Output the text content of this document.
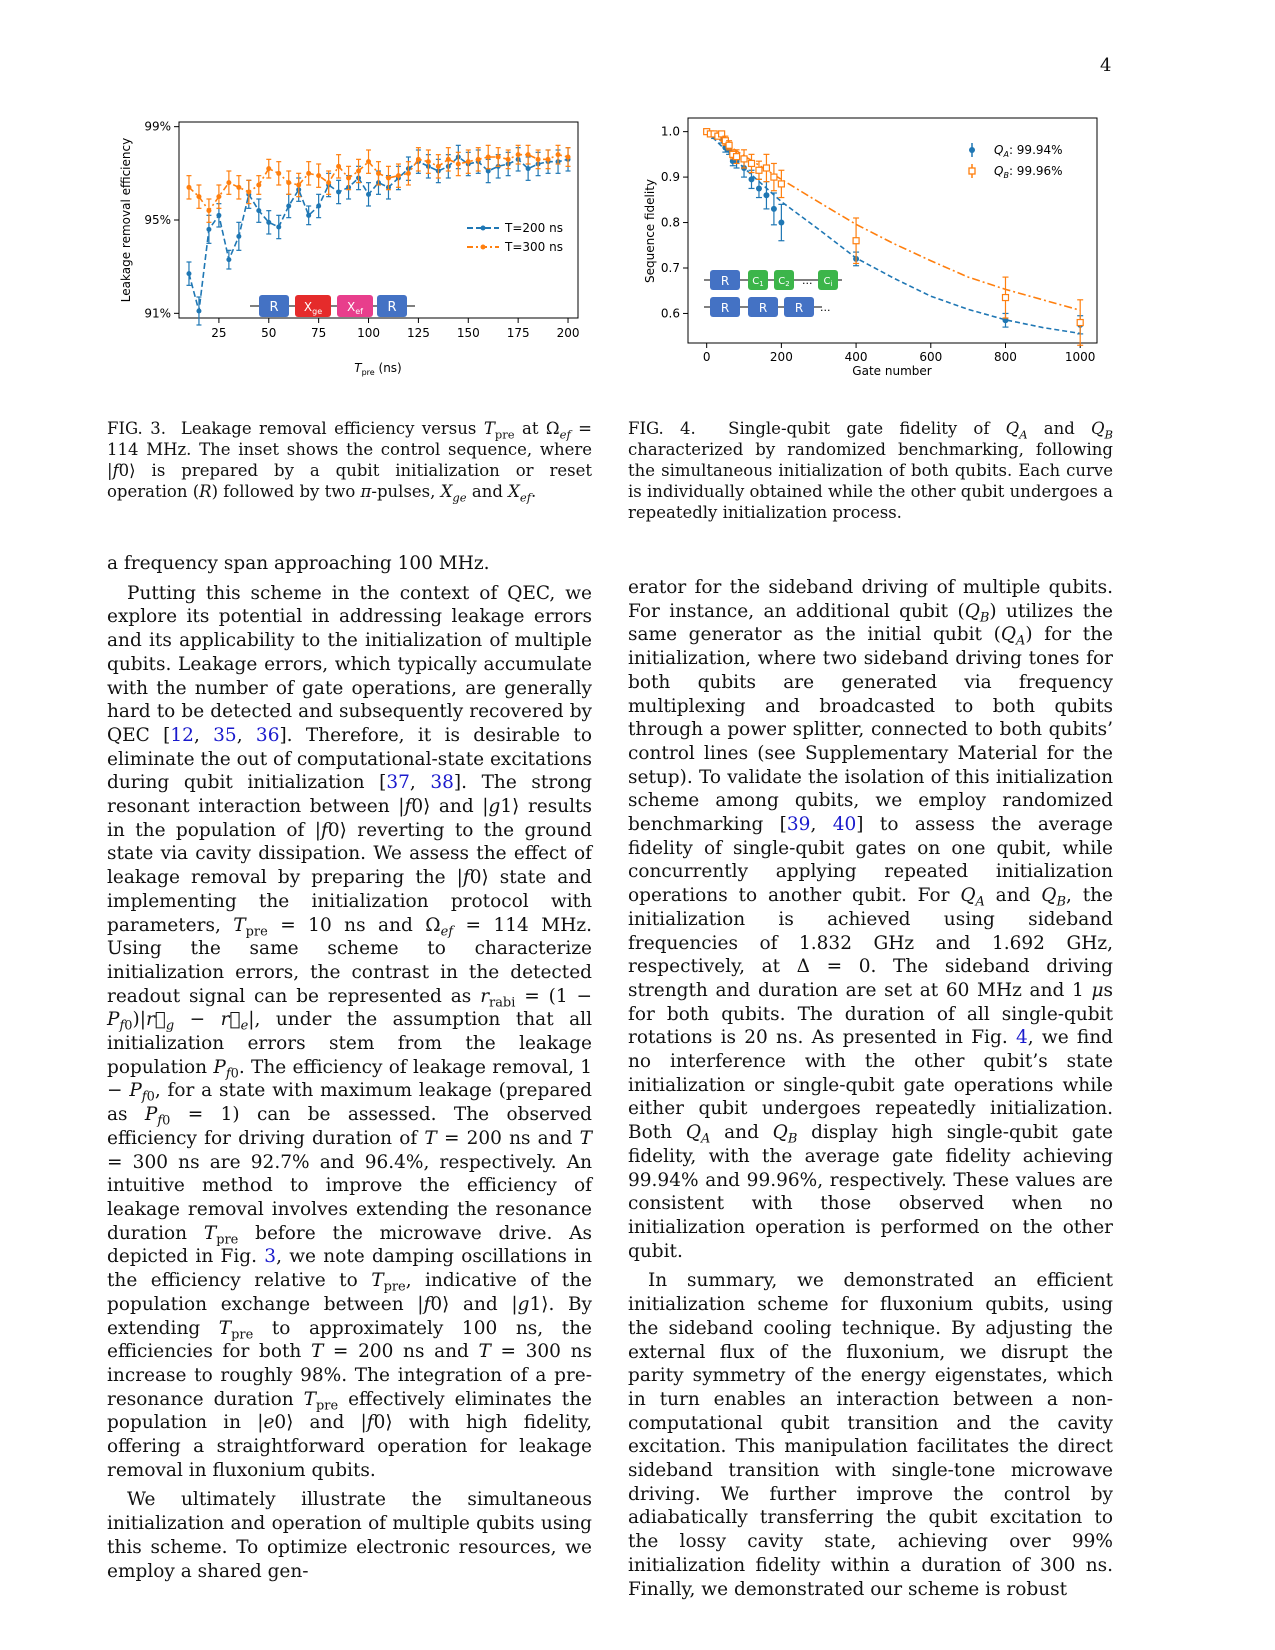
4
25	50	75	100 125 150 175 200
91%
95%
99%
T=200 ns
T=300 ns
R $X_{ge}$ $X_{ef}$ R
Leakage removal efficiency
$T_{pre}$ (ns)
0	200	400	600	800	1000
0.6
0.7
0.8
0.9
1.0
$Q_A$: 99.94%
$Q_B$: 99.96%
R $C_1$ $C_2$ ... $C_i$
R R R ...
Sequence fidelity
Gate number
FIG. 3.  Leakage removal efficiency versus $T_{pre}$ at $\Omega_{ef} = 114$ MHz. The inset shows the control sequence, where |f0⟩ is prepared by a qubit initialization or reset operation (R) followed by two π-pulses, $X_{ge}$ and $X_{ef}$.
FIG. 4.  Single-qubit gate fidelity of $Q_A$ and $Q_B$ characterized by randomized benchmarking, following the simultaneous initialization of both qubits. Each curve is individually obtained while the other qubit undergoes a repeatedly initialization process.

a frequency span approaching 100 MHz.

Putting this scheme in the context of QEC, we explore its potential in addressing leakage errors and its applicability to the initialization of multiple qubits. Leakage errors, which typically accumulate with the number of gate operations, are generally hard to be detected and subsequently recovered by QEC [12, 35, 36]. Therefore, it is desirable to eliminate the out of computational-state excitations during qubit initialization [37, 38]. The strong resonant interaction between |f0⟩ and |g1⟩ results in the population of |f0⟩ reverting to the ground state via cavity dissipation. We assess the effect of leakage removal by preparing the |f0⟩ state and implementing the initialization protocol with parameters, $T_{pre} = 10$ ns and $\Omega_{ef} = 114$ MHz. Using the same scheme to characterize initialization errors, the contrast in the detected readout signal can be represented as $r_{rabi} = (1$ − $P_{f0})|r⃗_g$ − $r⃗_e|$, under the assumption that all initialization errors stem from the leakage population $P_{f0}$. The efficiency of leakage removal, $1 - P_{f0}$, for a state with maximum leakage (prepared as $P_{f0} = 1$) can be assessed. The observed efficiency for driving duration of T = 200 ns and T = 300 ns are 92.7% and 96.4%, respectively. An intuitive method to improve the efficiency of leakage removal involves extending the resonance duration $T_{pre}$ before the microwave drive. As depicted in Fig. 3, we note damping oscillations in the efficiency relative to $T_{pre}$, indicative of the population exchange between |f0⟩ and |g1⟩. By extending $T_{pre}$ to approximately 100 ns, the efficiencies for both T = 200 ns and T = 300 ns increase to roughly 98%. The integration of a pre-resonance duration $T_{pre}$ effectively eliminates the population in |e0⟩ and |f0⟩ with high fidelity, offering a straightforward operation for leakage removal in fluxonium qubits.

We ultimately illustrate the simultaneous initialization and operation of multiple qubits using this scheme. To optimize electronic resources, we employ a shared gen-

erator for the sideband driving of multiple qubits. For instance, an additional qubit $(Q_B)$ utilizes the same generator as the initial qubit $(Q_A)$ for the initialization, where two sideband driving tones for both qubits are generated via frequency multiplexing and broadcasted to both qubits through a power splitter, connected to both qubits’ control lines (see Supplementary Material for the setup). To validate the isolation of this initialization scheme among qubits, we employ randomized benchmarking [39, 40] to assess the average fidelity of single-qubit gates on one qubit, while concurrently applying repeated initialization operations to another qubit. For $Q_A$ and $Q_B$, the initialization is achieved using sideband frequencies of 1.832 GHz and 1.692 GHz, respectively, at Δ = 0. The sideband driving strength and duration are set at 60 MHz and 1 μs for both qubits. The duration of all single-qubit rotations is 20 ns. As presented in Fig. 4, we find no interference with the other qubit’s state initialization or single-qubit gate operations while either qubit undergoes repeatedly initialization. Both $Q_A$ and $Q_B$ display high single-qubit gate fidelity, with the average gate fidelity achieving 99.94% and 99.96%, respectively. These values are consistent with those observed when no initialization operation is performed on the other qubit.

In summary, we demonstrated an efficient initialization scheme for fluxonium qubits, using the sideband cooling technique. By adjusting the external flux of the fluxonium, we disrupt the parity symmetry of the energy eigenstates, which in turn enables an interaction between a non-computational qubit transition and the cavity excitation. This manipulation facilitates the direct sideband transition with single-tone microwave driving. We further improve the control by adiabatically transferring the qubit excitation to the lossy cavity state, achieving over 99% initialization fidelity within a duration of 300 ns. Finally, we demonstrated our scheme is robust
